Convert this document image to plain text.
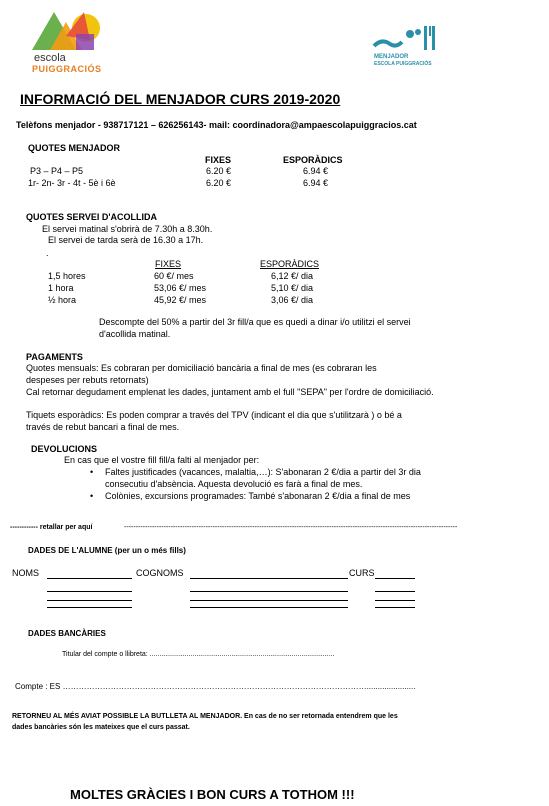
escola
PUIGGRACIÓS
MENJADOR
ESCOLA PUIGGRACIÓS
INFORMACIÓ DEL MENJADOR CURS 2019-2020
Telèfons menjador - 938717121 – 626256143- mail: coordinadora@ampaescolapuiggracios.cat
QUOTES MENJADOR
FIXES	ESPORÀDICS
P3 – P4 – P5	6.20 €	6.94 €
1r- 2n- 3r - 4t - 5è i 6è	6.20 €	6.94 €
QUOTES SERVEI D'ACOLLIDA
El servei matinal s'obrirà de 7.30h a 8.30h.
El servei de tarda serà de 16.30 a 17h.
.
FIXES	ESPORÀDICS
1,5 hores	60 €/ mes	6,12 €/ dia
1 hora	53,06 €/ mes	5,10 €/ dia
½ hora	45,92 €/ mes	3,06 €/ dia
Descompte del 50% a partir del 3r fill/a que es quedi a dinar i/o utilitzi el servei
d'acollida matinal.
PAGAMENTS
Quotes mensuals: Es cobraran per domiciliació bancària a final de mes (es cobraran les
despeses per rebuts retornats)
Cal retornar degudament emplenat les dades, juntament amb el full "SEPA" per l'ordre de domiciliació.
Tiquets esporàdics: Es poden comprar a través del TPV (indicant el dia que s'utilitzarà ) o bé a
través de rebut bancari a final de mes.
DEVOLUCIONS
En cas que el vostre fill fill/a falti al menjador per:
• Faltes justificades (vacances, malaltia,…): S'abonaran 2 €/dia a partir del 3r dia
consecutiu d'absència. Aquesta devolució es farà a final de mes.
• Colònies, excursions programades: També s'abonaran 2 €/dia a final de mes
------------ retallar per aquí	-----------------------------------------------------------------------------------------------------------------------------------------------
DADES DE L'ALUMNE (per un o més fills)
NOMS	COGNOMS	CURS
DADES BANCÀRIES
Titular del compte o llibreta: ...............................................................................................
Compte : ES ……………………………………………………………………………………………………......................
RETORNEU AL MÉS AVIAT POSSIBLE LA BUTLLETA AL MENJADOR. En cas de no ser retornada entendrem que les
dades bancàries són les mateixes que el curs passat.
MOLTES GRÀCIES I BON CURS A TOTHOM !!!
